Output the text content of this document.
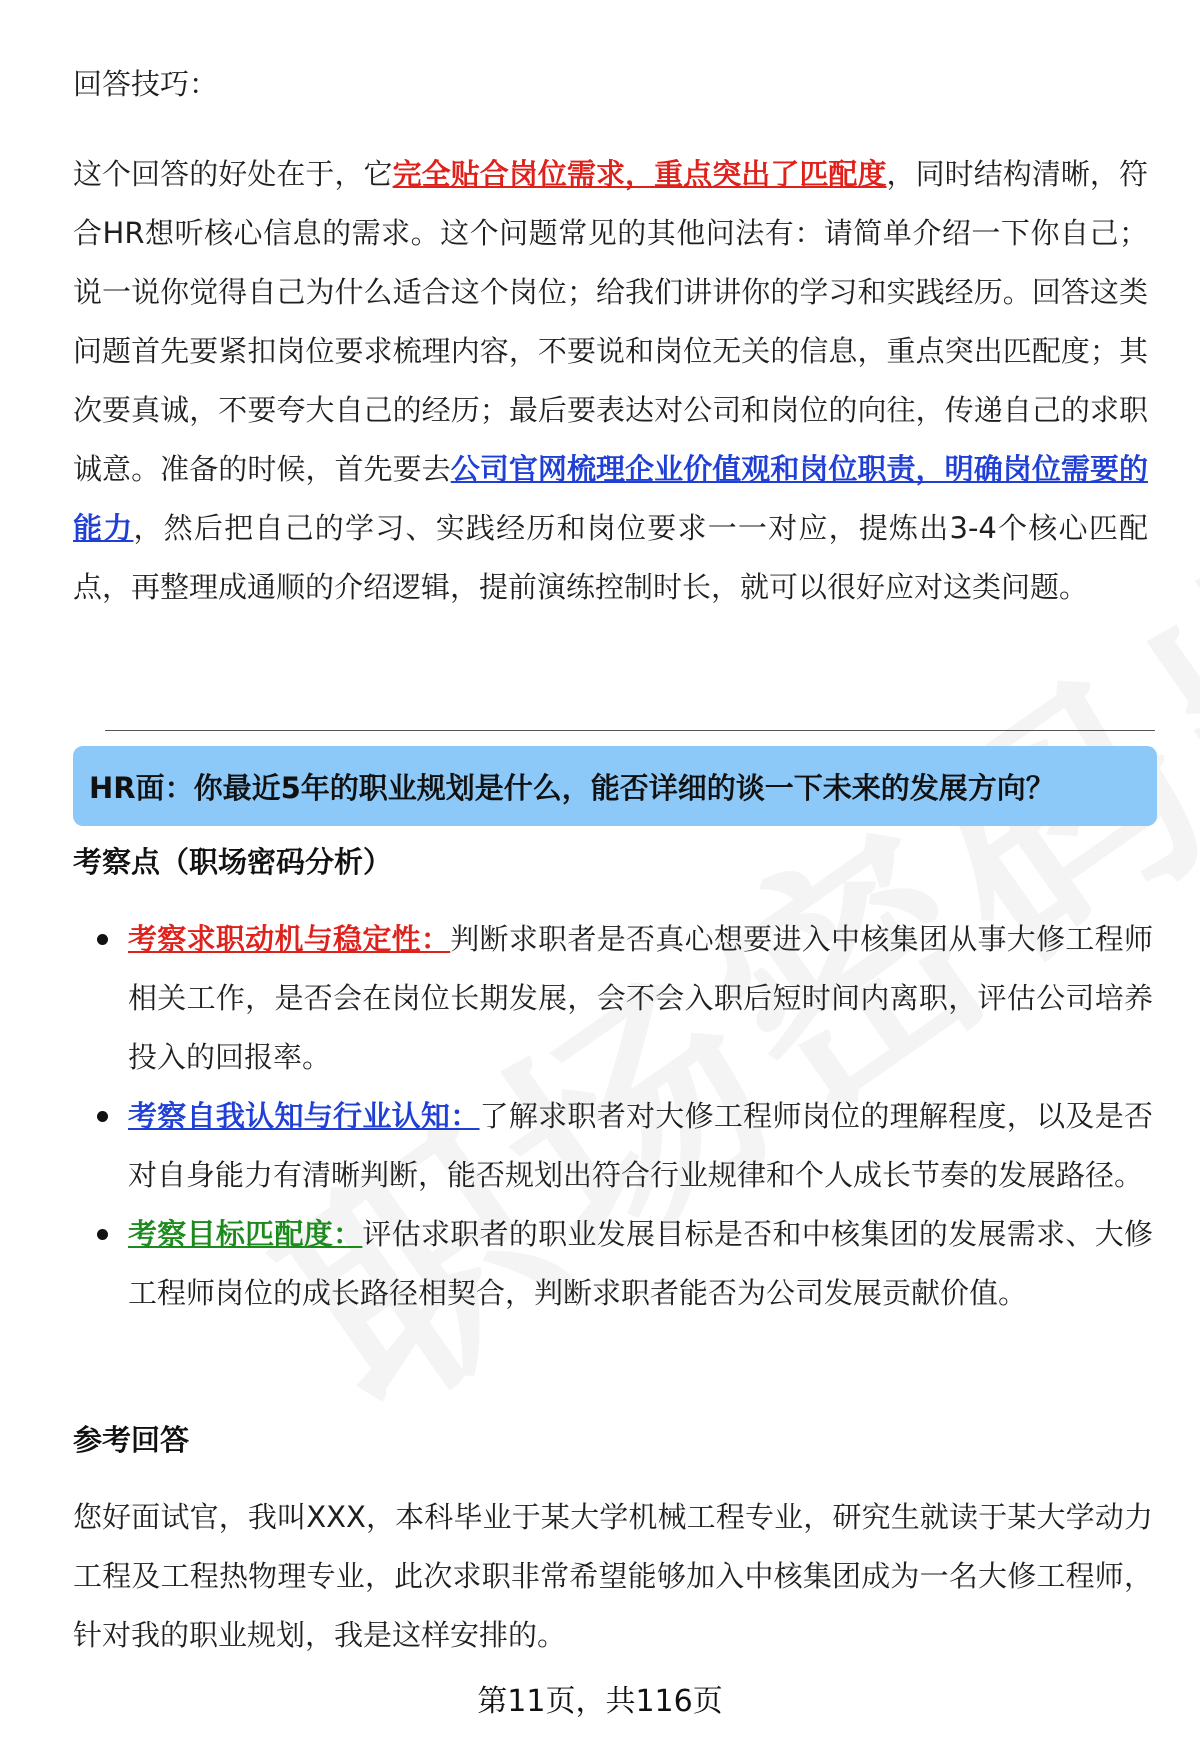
回答技巧：
这个回答的好处在于，它完全贴合岗位需求，重点突出了匹配度，同时结构清晰，符合HR想听核心信息的需求。这个问题常见的其他问法有：请简单介绍一下你自己；说一说你觉得自己为什么适合这个岗位；给我们讲讲你的学习和实践经历。回答这类问题首先要紧扣岗位要求梳理内容，不要说和岗位无关的信息，重点突出匹配度；其次要真诚，不要夸大自己的经历；最后要表达对公司和岗位的向往，传递自己的求职诚意。准备的时候，首先要去公司官网梳理企业价值观和岗位职责，明确岗位需要的能力，然后把自己的学习、实践经历和岗位要求一一对应，提炼出3-4个核心匹配点，再整理成通顺的介绍逻辑，提前演练控制时长，就可以很好应对这类问题。
HR面：你最近5年的职业规划是什么，能否详细的谈一下未来的发展方向？
考察点（职场密码分析）
考察求职动机与稳定性：判断求职者是否真心想要进入中核集团从事大修工程师相关工作，是否会在岗位长期发展，会不会入职后短时间内离职，评估公司培养投入的回报率。
考察自我认知与行业认知：了解求职者对大修工程师岗位的理解程度，以及是否对自身能力有清晰判断，能否规划出符合行业规律和个人成长节奏的发展路径。
考察目标匹配度：评估求职者的职业发展目标是否和中核集团的发展需求、大修工程师岗位的成长路径相契合，判断求职者能否为公司发展贡献价值。
参考回答
您好面试官，我叫XXX，本科毕业于某大学机械工程专业，研究生就读于某大学动力工程及工程热物理专业，此次求职非常希望能够加入中核集团成为一名大修工程师，针对我的职业规划，我是这样安排的。
第11页，共116页
